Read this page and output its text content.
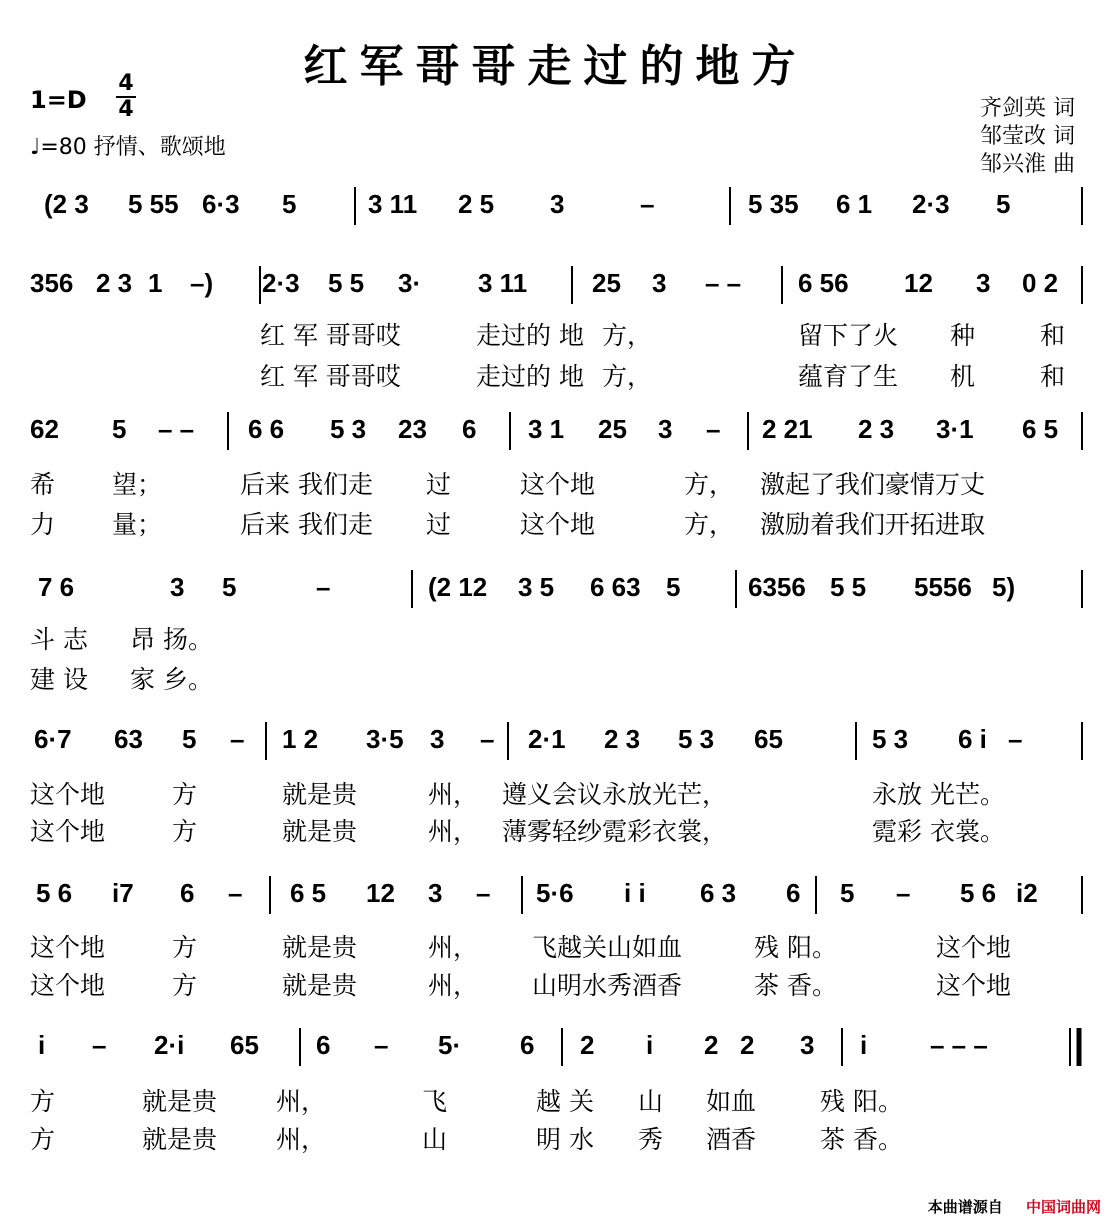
红军哥哥走过的地方
1=D
4
4
♩=80 抒情、歌颂地
齐剑英 词
邹莹改 词
邹兴淮 曲
(2 3 5 55 6·3 5	3 11 2 5 3	–	5 35 6 1 2·3 5
356 2 3 1 –) 2·3 5 5 3· 3 11 25 3 – – 6 56 12 3 0 2
红 军 哥哥哎	走过的 地 方，	留下了火 种	和
红 军 哥哥哎	走过的 地 方，	蕴育了生 机	和
62 5 – – 6 6 5 3 23 6 3 1 25 3 – 2 21 2 3 3·1 6 5
希 望；	后来 我们走 过	这个地	方， 激起了我们豪情万丈
力 量；	后来 我们走 过	这个地	方， 激励着我们开拓进取
7 6	3 5	–	(2 12 3 5 6 63 5	6356 5 5 5556 5)
斗 志 昂 扬。
建 设 家 乡。
6·7 63 5 – 1 2 3·5 3 – 2·1 2 3 5 3 65	5 3 6 i –
这个地	方	就是贵	州， 遵义会议永放光芒，	永放 光芒。
这个地	方	就是贵	州， 薄雾轻纱霓彩衣裳，	霓彩 衣裳。
5 6 i7 6 – 6 5 12 3 – 5·6 i i 6 3 6 5 – 5 6 i2
这个地	方	就是贵	州， 飞越关山如血	残 阳。	这个地
这个地	方	就是贵	州， 山明水秀酒香	茶 香。	这个地
i – 2·i 65 6 – 5· 6 2 i 2 2 3 i – – –
方	就是贵 州，	飞	越 关 山 如血	残 阳。
方	就是贵 州，	山	明 水 秀 酒香	茶 香。
本曲谱源自 中国词曲网
